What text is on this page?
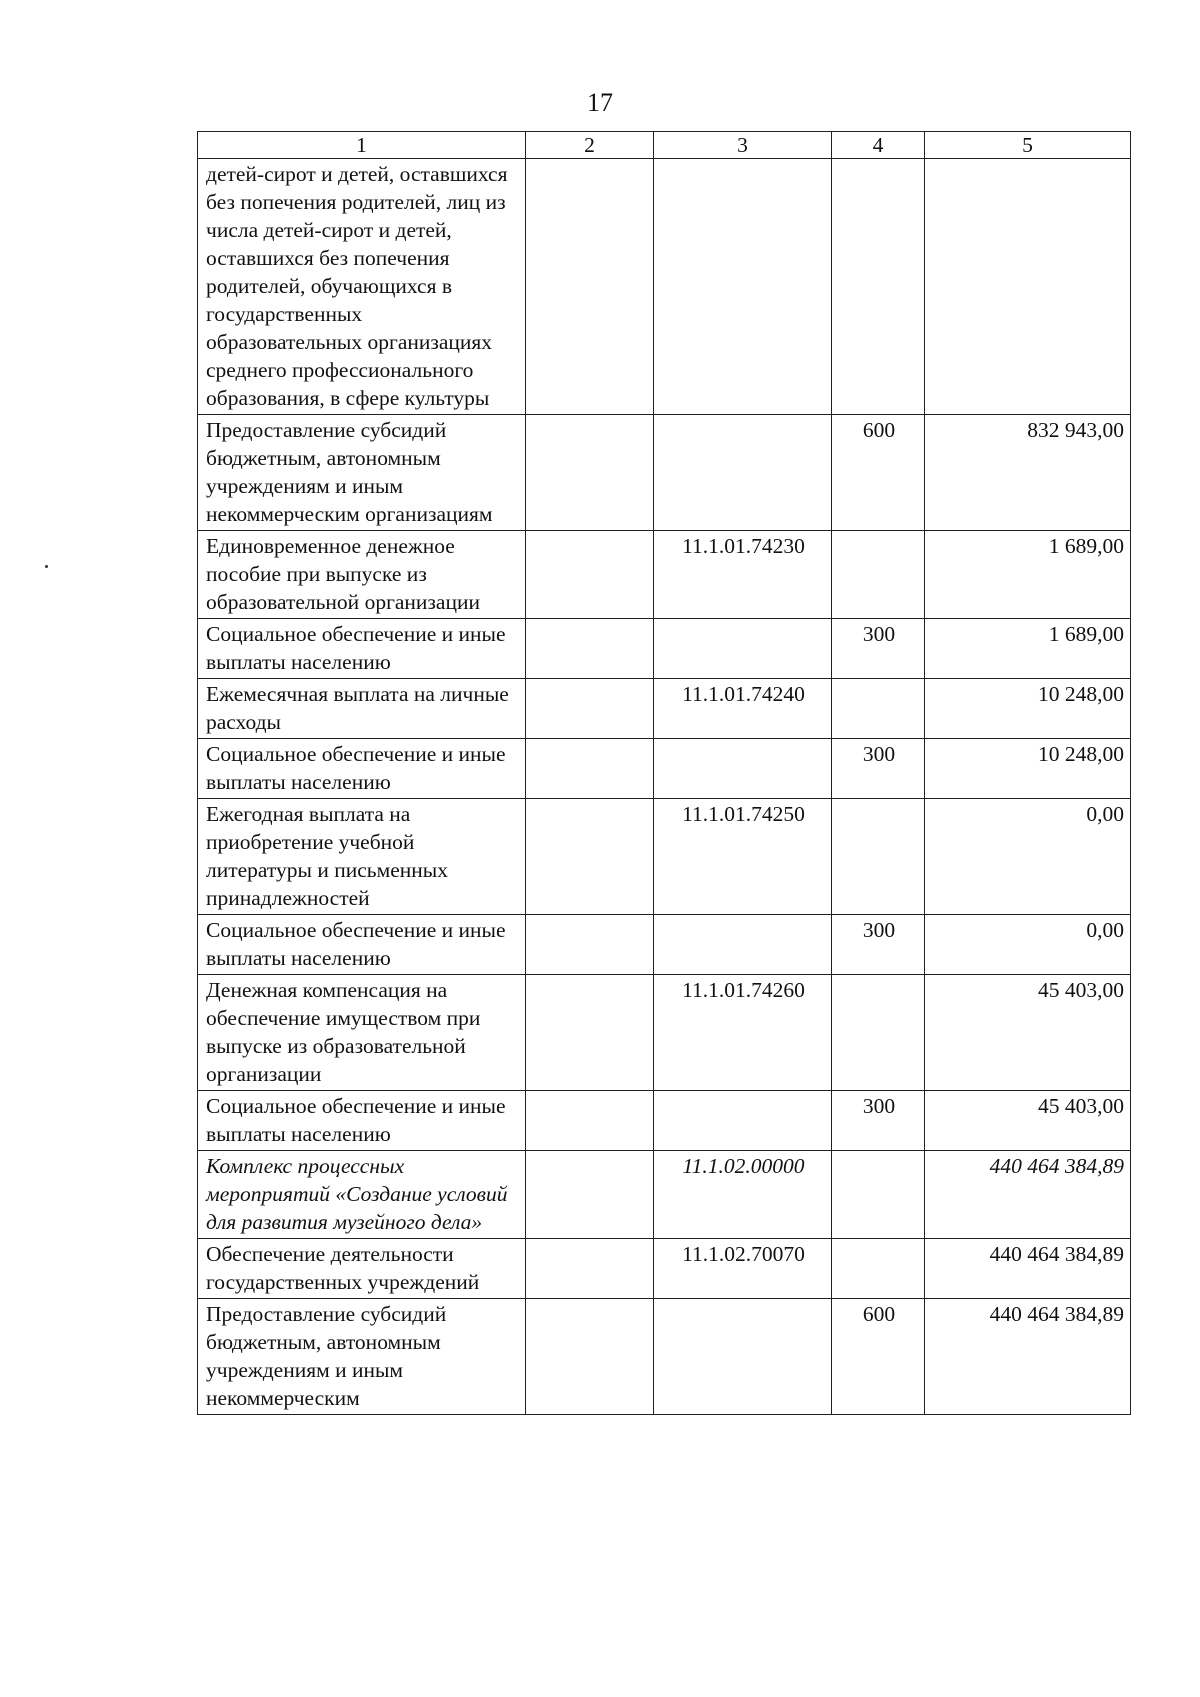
17
1	2	3	4	5
детей-сирот и детей, оставшихся без попечения родителей, лиц из числа детей-сирот и детей, оставшихся без попечения родителей, обучающихся в государственных образовательных организациях среднего профессионального образования, в сфере культуры				
Предоставление субсидий бюджетным, автономным учреждениям и иным некоммерческим организациям			600	832 943,00
Единовременное денежное пособие при выпуске из образовательной организации		11.1.01.74230		1 689,00
Социальное обеспечение и иные выплаты населению			300	1 689,00
Ежемесячная выплата на личные расходы		11.1.01.74240		10 248,00
Социальное обеспечение и иные выплаты населению			300	10 248,00
Ежегодная выплата на приобретение учебной литературы и письменных принадлежностей		11.1.01.74250		0,00
Социальное обеспечение и иные выплаты населению			300	0,00
Денежная компенсация на обеспечение имуществом при выпуске из образовательной организации		11.1.01.74260		45 403,00
Социальное обеспечение и иные выплаты населению			300	45 403,00
Комплекс процессных мероприятий «Создание условий для развития музейного дела»		11.1.02.00000		440 464 384,89
Обеспечение деятельности государственных учреждений		11.1.02.70070		440 464 384,89
Предоставление субсидий бюджетным, автономным учреждениям и иным некоммерческим			600	440 464 384,89
